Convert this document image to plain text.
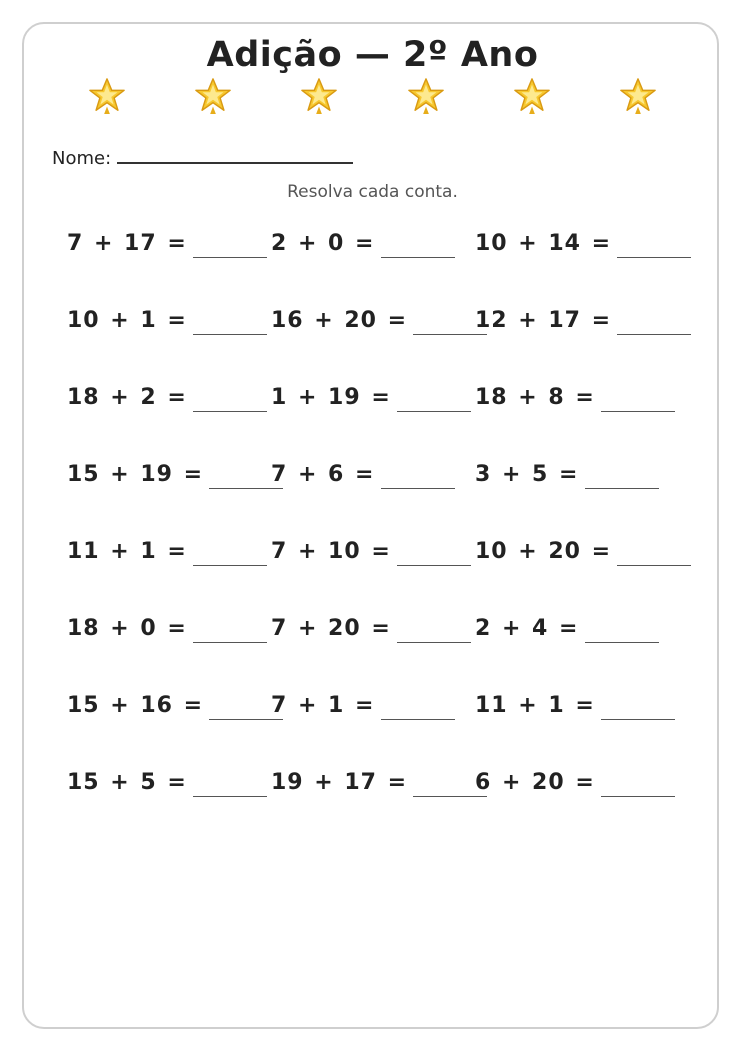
Adição — 2º Ano
Nome:
Resolva cada conta.
7 + 17 =	2 + 0 =	10 + 14 =
10 + 1 =	16 + 20 =	12 + 17 =
18 + 2 =	1 + 19 =	18 + 8 =
15 + 19 =	7 + 6 =	3 + 5 =
11 + 1 =	7 + 10 =	10 + 20 =
18 + 0 =	7 + 20 =	2 + 4 =
15 + 16 =	7 + 1 =	11 + 1 =
15 + 5 =	19 + 17 =	6 + 20 =
